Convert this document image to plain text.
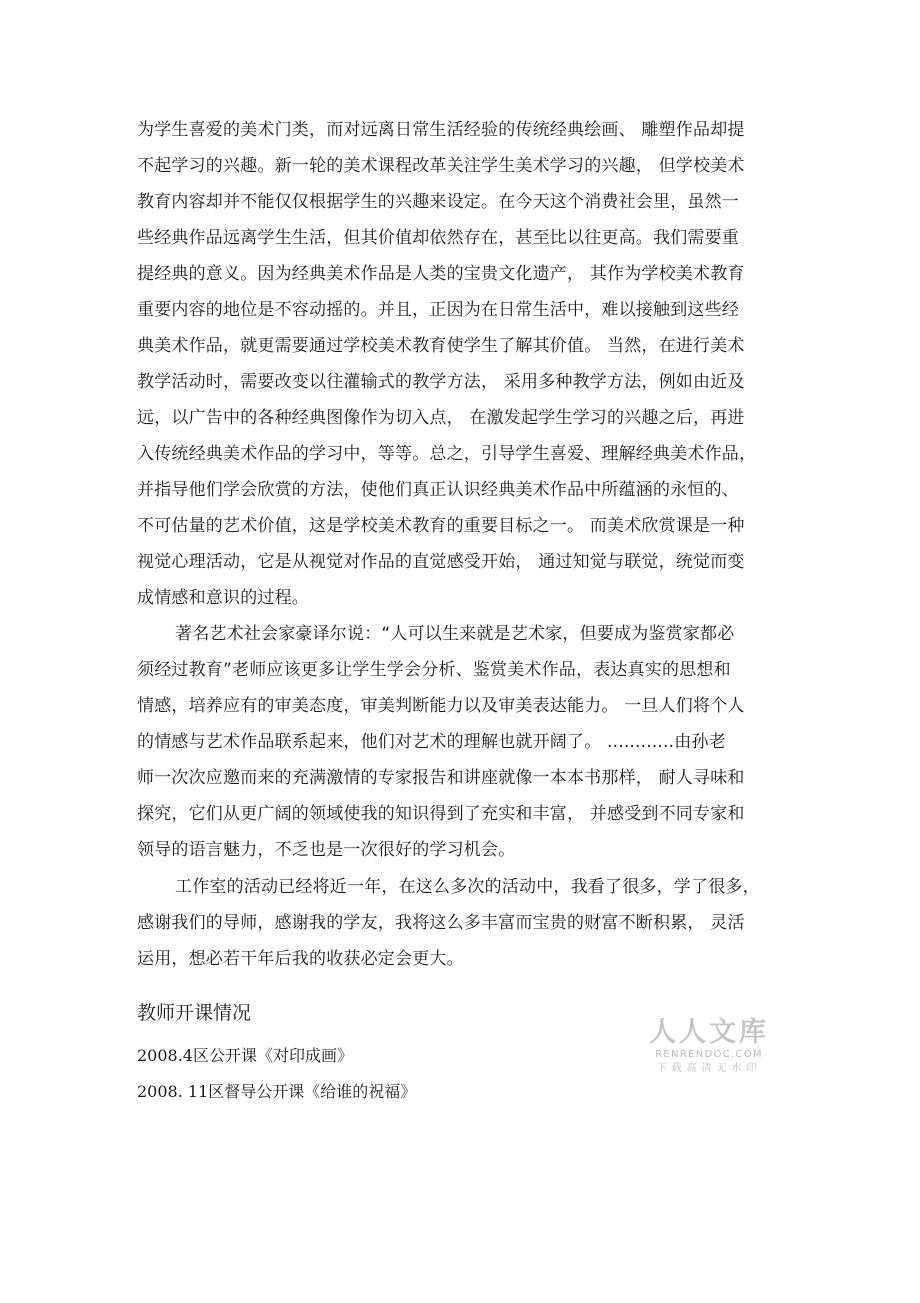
为学生喜爱的美术门类，而对远离日常生活经验的传统经典绘画、 雕塑作品却提
不起学习的兴趣。新一轮的美术课程改革关注学生美术学习的兴趣， 但学校美术
教育内容却并不能仅仅根据学生的兴趣来设定。在今天这个消费社会里，虽然一
些经典作品远离学生生活，但其价值却依然存在，甚至比以往更高。我们需要重
提经典的意义。因为经典美术作品是人类的宝贵文化遗产， 其作为学校美术教育
重要内容的地位是不容动摇的。并且，正因为在日常生活中，难以接触到这些经
典美术作品，就更需要通过学校美术教育使学生了解其价值。 当然，在进行美术
教学活动时，需要改变以往灌输式的教学方法， 采用多种教学方法，例如由近及
远，以广告中的各种经典图像作为切入点， 在激发起学生学习的兴趣之后，再进
入传统经典美术作品的学习中，等等。总之，引导学生喜爱、理解经典美术作品，
并指导他们学会欣赏的方法，使他们真正认识经典美术作品中所蕴涵的永恒的、
不可估量的艺术价值，这是学校美术教育的重要目标之一。 而美术欣赏课是一种
视觉心理活动，它是从视觉对作品的直觉感受开始， 通过知觉与联觉，统觉而变
成情感和意识的过程。
著名艺术社会家豪译尔说：“人可以生来就是艺术家，但要成为鉴赏家都必
须经过教育”老师应该更多让学生学会分析、鉴赏美术作品，表达真实的思想和
情感，培养应有的审美态度，审美判断能力以及审美表达能力。 一旦人们将个人
的情感与艺术作品联系起来，他们对艺术的理解也就开阔了。 ............由孙老
师一次次应邀而来的充满激情的专家报告和讲座就像一本本书那样， 耐人寻味和
探究，它们从更广阔的领域使我的知识得到了充实和丰富， 并感受到不同专家和
领导的语言魅力，不乏也是一次很好的学习机会。
工作室的活动已经将近一年，在这么多次的活动中，我看了很多，学了很多，
感谢我们的导师，感谢我的学友，我将这么多丰富而宝贵的财富不断积累， 灵活
运用，想必若干年后我的收获必定会更大。
教师开课情况
2008.4区公开课《对印成画》
2008. 11区督导公开课《给谁的祝福》
人人文库
RENRENDOC.COM
下载高清无水印
